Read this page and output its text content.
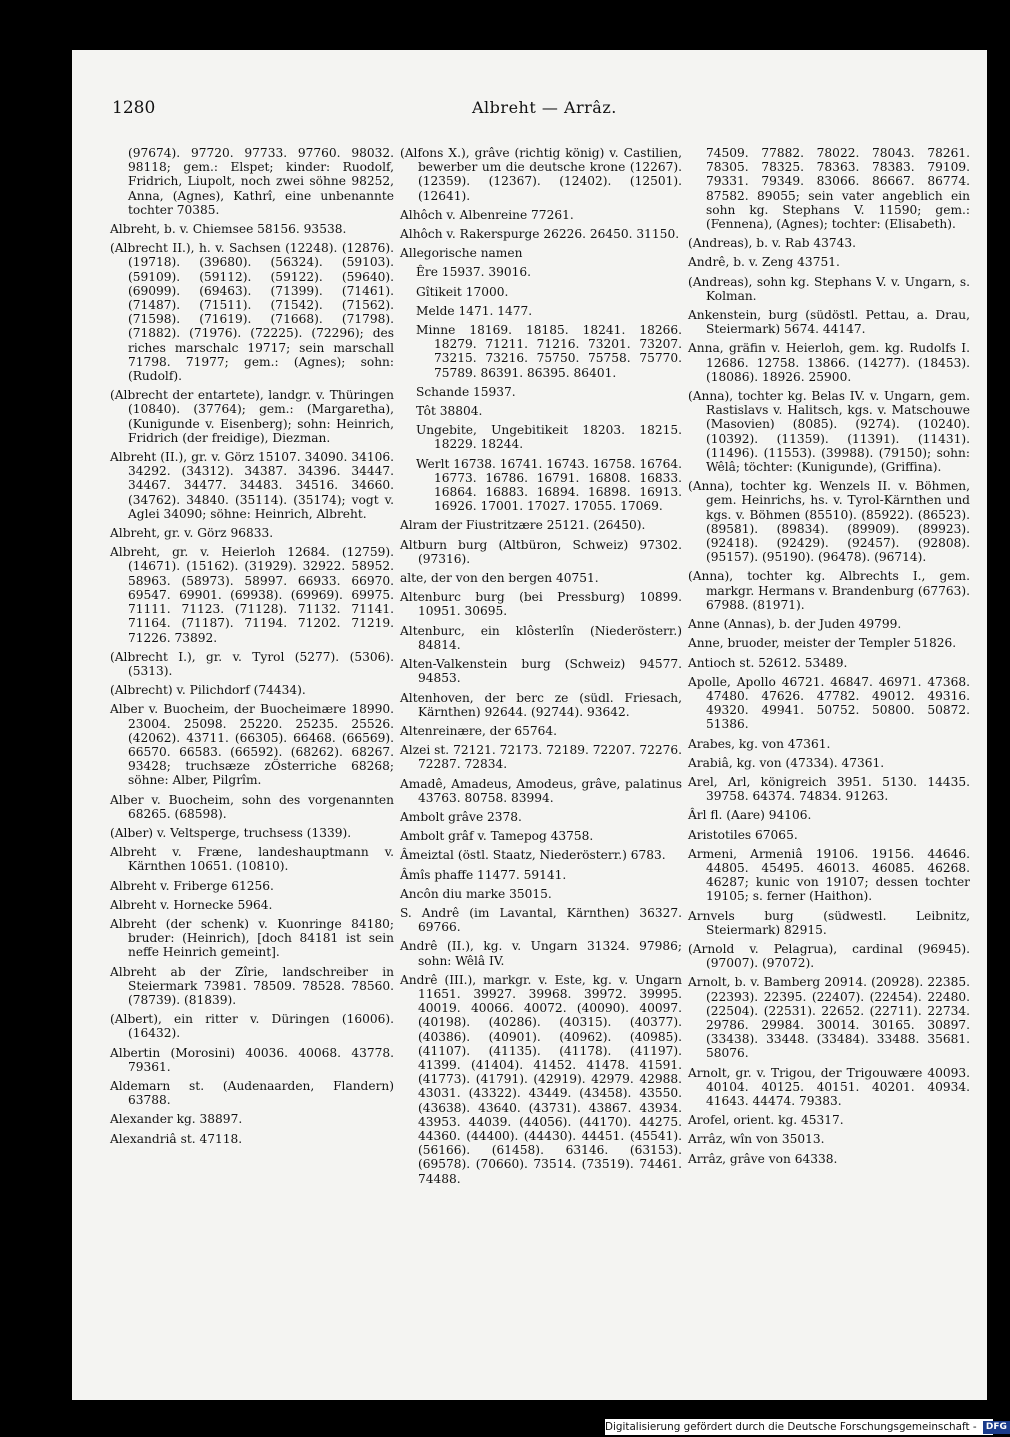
1280	Albreht — Arrâz.

(97674). 97720. 97733. 97760. 98032. 98118; gem.: Elspet; kinder: Ruodolf, Fridrich, Liupolt, noch zwei söhne 98252, Anna, (Agnes), Kathrî, eine unbenannte tochter 70385.

Albreht, b. v. Chiemsee 58156. 93538.

(Albrecht II.), h. v. Sachsen (12248). (12876). (19718). (39680). (56324). (59103). (59109). (59112). (59122). (59640). (69099). (69463). (71399). (71461). (71487). (71511). (71542). (71562). (71598). (71619). (71668). (71798). (71882). (71976). (72225). (72296); des riches marschalc 19717; sein marschall 71798. 71977; gem.: (Agnes); sohn: (Rudolf).

(Albrecht der entartete), landgr. v. Thüringen (10840). (37764); gem.: (Margaretha), (Kunigunde v. Eisenberg); sohn: Heinrich, Fridrich (der freidige), Diezman.

Albreht (II.), gr. v. Görz 15107. 34090. 34106. 34292. (34312). 34387. 34396. 34447. 34467. 34477. 34483. 34516. 34660. (34762). 34840. (35114). (35174); vogt v. Aglei 34090; söhne: Heinrich, Albreht.

Albreht, gr. v. Görz 96833.

Albreht, gr. v. Heierloh 12684. (12759). (14671). (15162). (31929). 32922. 58952. 58963. (58973). 58997. 66933. 66970. 69547. 69901. (69938). (69969). 69975. 71111. 71123. (71128). 71132. 71141. 71164. (71187). 71194. 71202. 71219. 71226. 73892.

(Albrecht I.), gr. v. Tyrol (5277). (5306). (5313).

(Albrecht) v. Pilichdorf (74434).

Alber v. Buocheim, der Buocheimære 18990. 23004. 25098. 25220. 25235. 25526. (42062). 43711. (66305). 66468. (66569). 66570. 66583. (66592). (68262). 68267. 93428; truchsæze zÖsterriche 68268; söhne: Alber, Pilgrîm.

Alber v. Buocheim, sohn des vorgenannten 68265. (68598).

(Alber) v. Veltsperge, truchsess (1339).

Albreht v. Fræne, landeshauptmann v. Kärnthen 10651. (10810).

Albreht v. Friberge 61256.

Albreht v. Hornecke 5964.

Albreht (der schenk) v. Kuonringe 84180; bruder: (Heinrich), [doch 84181 ist sein neffe Heinrich gemeint].

Albreht ab der Zîrie, landschreiber in Steiermark 73981. 78509. 78528. 78560. (78739). (81839).

(Albert), ein ritter v. Düringen (16006). (16432).

Albertin (Morosini) 40036. 40068. 43778. 79361.

Aldemarn st. (Audenaarden, Flandern) 63788.

Alexander kg. 38897.

Alexandriâ st. 47118.

(Alfons X.), grâve (richtig könig) v. Castilien, bewerber um die deutsche krone (12267). (12359). (12367). (12402). (12501). (12641).

Alhôch v. Albenreine 77261.

Alhôch v. Rakerspurge 26226. 26450. 31150.

Allegorische namen

Êre 15937. 39016.

Gîtikeit 17000.

Melde 1471. 1477.

Minne 18169. 18185. 18241. 18266. 18279. 71211. 71216. 73201. 73207. 73215. 73216. 75750. 75758. 75770. 75789. 86391. 86395. 86401.

Schande 15937.

Tôt 38804.

Ungebite, Ungebitikeit 18203. 18215. 18229. 18244.

Werlt 16738. 16741. 16743. 16758. 16764. 16773. 16786. 16791. 16808. 16833. 16864. 16883. 16894. 16898. 16913. 16926. 17001. 17027. 17055. 17069.

Alram der Fiustritzære 25121. (26450).

Altburn burg (Altbüron, Schweiz) 97302. (97316).

alte, der von den bergen 40751.

Altenburc burg (bei Pressburg) 10899. 10951. 30695.

Altenburc, ein klôsterlîn (Niederösterr.) 84814.

Alten-Valkenstein burg (Schweiz) 94577. 94853.

Altenhoven, der berc ze (südl. Friesach, Kärnthen) 92644. (92744). 93642.

Altenreinære, der 65764.

Alzei st. 72121. 72173. 72189. 72207. 72276. 72287. 72834.

Amadê, Amadeus, Amodeus, grâve, palatinus 43763. 80758. 83994.

Ambolt grâve 2378.

Ambolt grâf v. Tamepog 43758.

Âmeiztal (östl. Staatz, Niederösterr.) 6783.

Âmîs phaffe 11477. 59141.

Ancôn diu marke 35015.

S. Andrê (im Lavantal, Kärnthen) 36327. 69766.

Andrê (II.), kg. v. Ungarn 31324. 97986; sohn: Wêlâ IV.

Andrê (III.), markgr. v. Este, kg. v. Ungarn 11651. 39927. 39968. 39972. 39995. 40019. 40066. 40072. (40090). 40097. (40198). (40286). (40315). (40377). (40386). (40901). (40962). (40985). (41107). (41135). (41178). (41197). 41399. (41404). 41452. 41478. 41591. (41773). (41791). (42919). 42979. 42988. 43031. (43322). 43449. (43458). 43550. (43638). 43640. (43731). 43867. 43934. 43953. 44039. (44056). (44170). 44275. 44360. (44400). (44430). 44451. (45541). (56166). (61458). 63146. (63153). (69578). (70660). 73514. (73519). 74461. 74488.

74509. 77882. 78022. 78043. 78261. 78305. 78325. 78363. 78383. 79109. 79331. 79349. 83066. 86667. 86774. 87582. 89055; sein vater angeblich ein sohn kg. Stephans V. 11590; gem.: (Fennena), (Agnes); tochter: (Elisabeth).

(Andreas), b. v. Rab 43743.

Andrê, b. v. Zeng 43751.

(Andreas), sohn kg. Stephans V. v. Ungarn, s. Kolman.

Ankenstein, burg (südöstl. Pettau, a. Drau, Steiermark) 5674. 44147.

Anna, gräfin v. Heierloh, gem. kg. Rudolfs I. 12686. 12758. 13866. (14277). (18453). (18086). 18926. 25900.

(Anna), tochter kg. Belas IV. v. Ungarn, gem. Rastislavs v. Halitsch, kgs. v. Matschouwe (Masovien) (8085). (9274). (10240). (10392). (11359). (11391). (11431). (11496). (11553). (39988). (79150); sohn: Wêlâ; töchter: (Kunigunde), (Griffina).

(Anna), tochter kg. Wenzels II. v. Böhmen, gem. Heinrichs, hs. v. Tyrol-Kärnthen und kgs. v. Böhmen (85510). (85922). (86523). (89581). (89834). (89909). (89923). (92418). (92429). (92457). (92808). (95157). (95190). (96478). (96714).

(Anna), tochter kg. Albrechts I., gem. markgr. Hermans v. Brandenburg (67763). 67988. (81971).

Anne (Annas), b. der Juden 49799.

Anne, bruoder, meister der Templer 51826.

Antioch st. 52612. 53489.

Apolle, Apollo 46721. 46847. 46971. 47368. 47480. 47626. 47782. 49012. 49316. 49320. 49941. 50752. 50800. 50872. 51386.

Arabes, kg. von 47361.

Arabiâ, kg. von (47334). 47361.

Arel, Arl, königreich 3951. 5130. 14435. 39758. 64374. 74834. 91263.

Ârl fl. (Aare) 94106.

Aristotiles 67065.

Armeni, Armeniâ 19106. 19156. 44646. 44805. 45495. 46013. 46085. 46268. 46287; kunic von 19107; dessen tochter 19105; s. ferner (Haithon).

Arnvels burg (südwestl. Leibnitz, Steiermark) 82915.

(Arnold v. Pelagrua), cardinal (96945). (97007). (97072).

Arnolt, b. v. Bamberg 20914. (20928). 22385. (22393). 22395. (22407). (22454). 22480. (22504). (22531). 22652. (22711). 22734. 29786. 29984. 30014. 30165. 30897. (33438). 33448. (33484). 33488. 35681. 58076.

Arnolt, gr. v. Trigou, der Trigouwære 40093. 40104. 40125. 40151. 40201. 40934. 41643. 44474. 79383.

Arofel, orient. kg. 45317.

Arrâz, wîn von 35013.

Arrâz, grâve von 64338.

Digitalisierung gefördert durch die Deutsche Forschungsgemeinschaft - DFG
